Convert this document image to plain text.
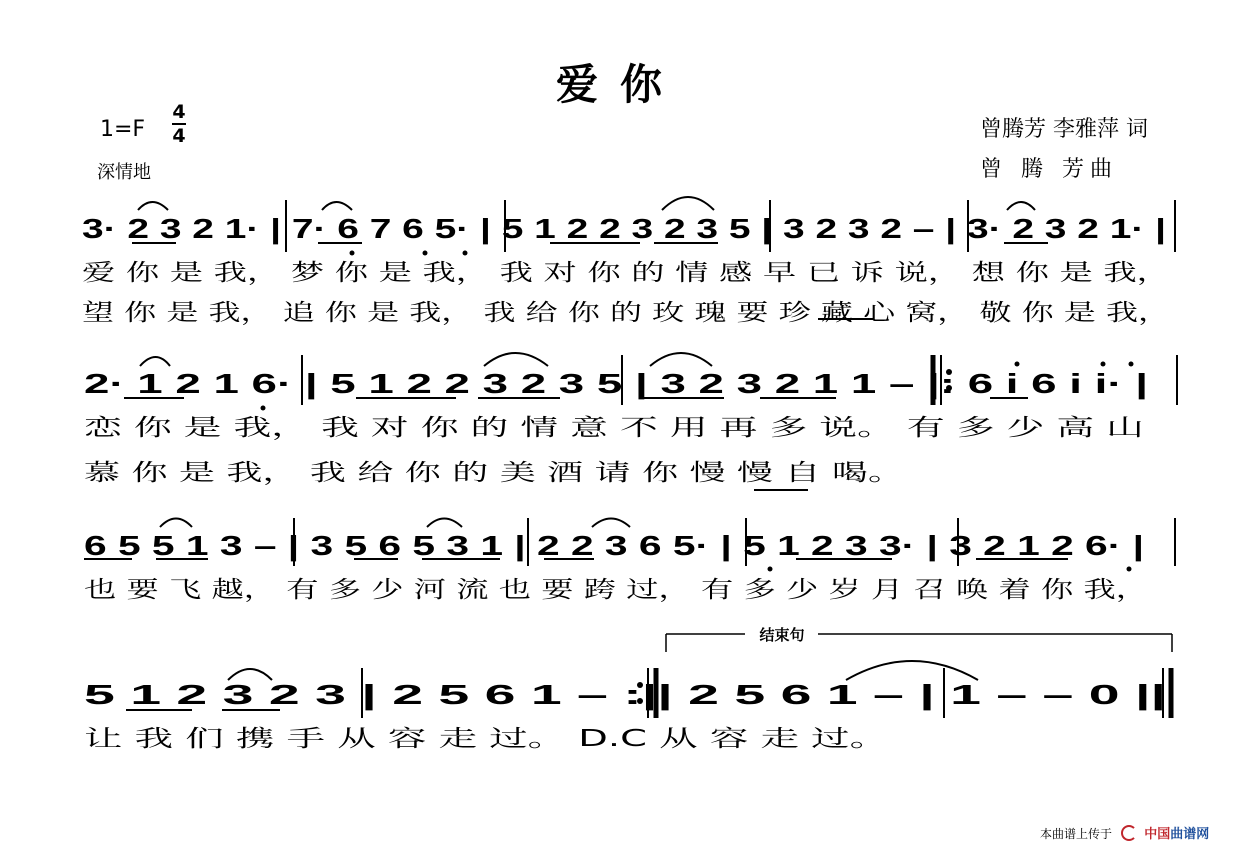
爱你
1=F
4
4
深情地
曾腾芳 李雅萍 词
曾 腾 芳曲
3· 2 3 2 1· | 7· 6 7 6 5· | 5 1 2 2 3 2 3 5 | 3 2 3 2 – | 3· 2 3 2 1· |
爱 你 是 我， 梦 你 是 我， 我 对 你 的 情 感 早 已 诉 说， 想 你 是 我，
望 你 是 我， 追 你 是 我， 我 给 你 的 玫 瑰 要 珍 藏 心 窝， 敬 你 是 我，
2· 1 2 1 6· | 5 1 2 2 3 2 3 5 | 3 2 3 2 1 1 – |: 6 i 6 i i· |
恋 你 是 我， 我 对 你 的 情 意 不 用 再 多 说。 有 多 少 高 山
慕 你 是 我， 我 给 你 的 美 酒 请 你 慢 慢 自 喝。
6 5 5 1 3 – | 3 5 6 5 3 1 | 2 2 3 6 5· | 5 1 2 3 3· | 3 2 1 2 6· |
也 要 飞 越， 有 多 少 河 流 也 要 跨 过， 有 多 少 岁 月 召 唤 着 你 我，
5 1 2 3 2 3 | 2 5 6 1 – :|| 2 5 6 1 – | 1 – – 0 ||
让 我 们 携 手 从 容 走 过。 D.C 从 容 走 过。
结束句
本曲谱上传于 中国曲谱网
